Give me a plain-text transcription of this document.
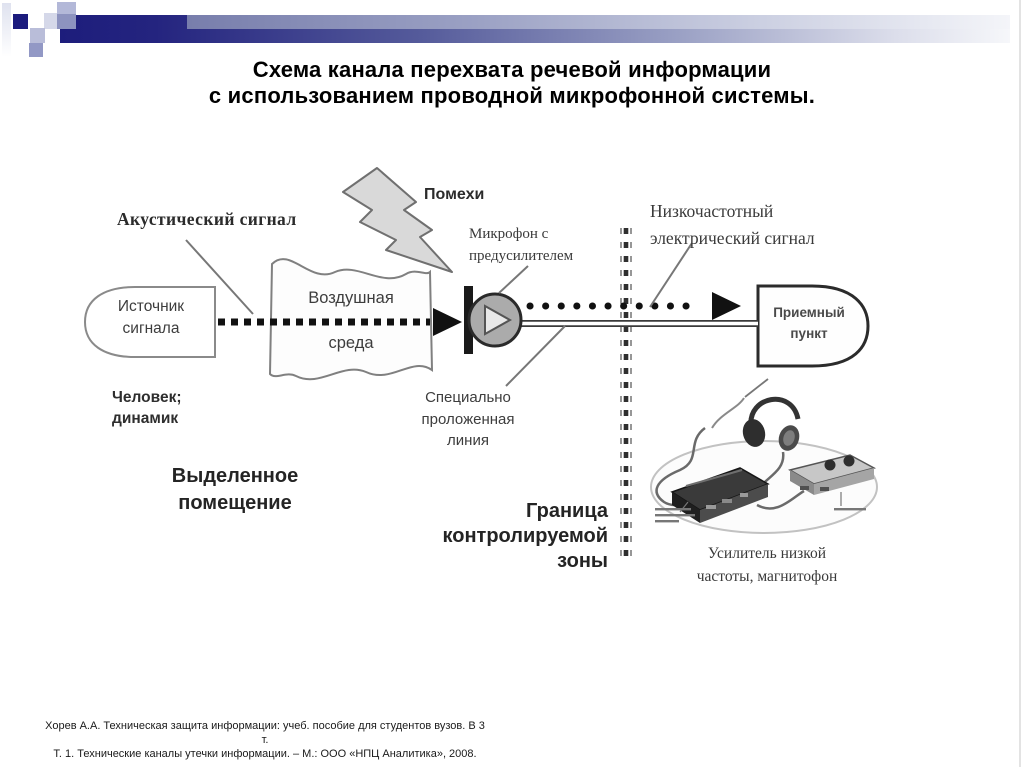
Схема канала перехвата речевой информации
с использованием проводной микрофонной системы.
Помехи
Акустический сигнал
Микрофон с
предусилителем
Низкочастотный
электрический сигнал
Источник
сигнала
Воздушная
среда
Человек;
динамик
Приемный
пункт
Специально
проложенная
линия
Выделенное
помещение	Граница
контролируемой
зоны	Усилитель низкой
частоты, магнитофон
Хорев А.А. Техническая защита информации: учеб. пособие для студентов вузов. В 3 т.
Т. 1. Технические каналы утечки информации. – М.: ООО «НПЦ Аналитика», 2008.
